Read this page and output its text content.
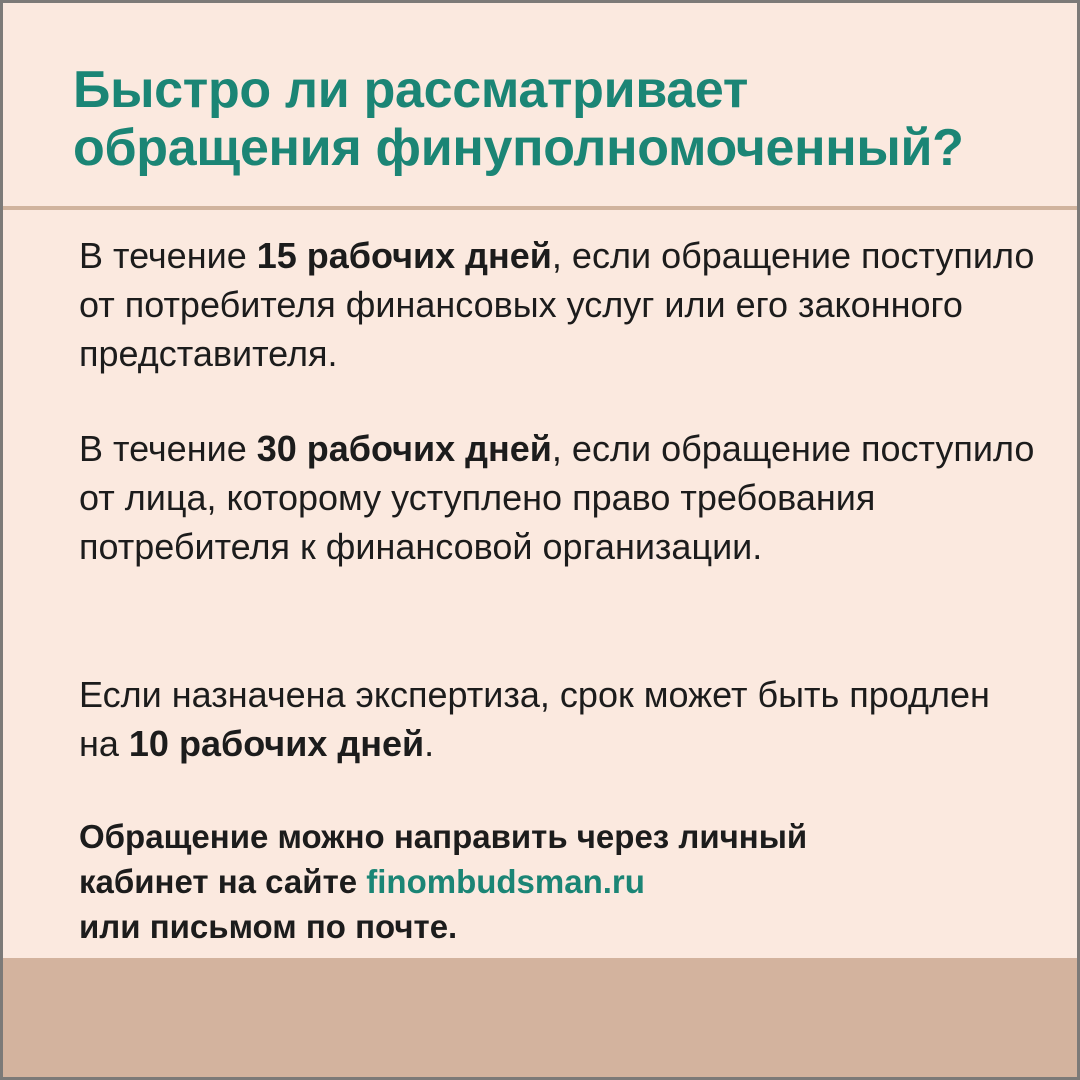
Быстро ли рассматривает
обращения финуполномоченный?

В течение 15 рабочих дней, если обращение поступило от потребителя финансовых услуг или его законного представителя.

В течение 30 рабочих дней, если обращение поступило от лица, которому уступлено право требования потребителя к финансовой организации.

Если назначена экспертиза, срок может быть продлен на 10 рабочих дней.

Обращение можно направить через личный
кабинет на сайте finombudsman.ru
или письмом по почте.
